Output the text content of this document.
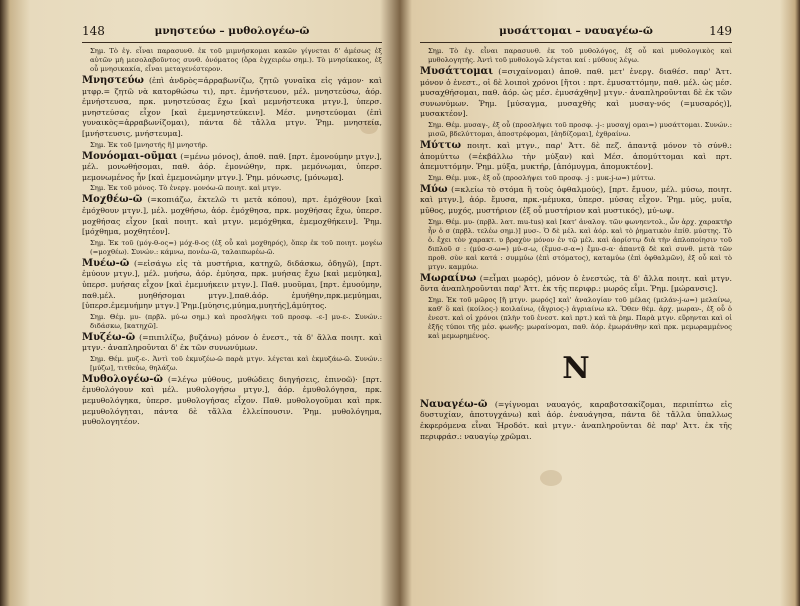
148	μνηστεύω – μυθολογέω-ῶ

Σημ. Τὸ ἐγ. εἶναι παρασυνθ. ἐκ τοῦ μιμνήσκομαι κακῶν γίγνεται δ' ἀμέσως ἐξ αὐτῶν μὴ μεσολαβοῦντος συνθ. ὀνόματος (ὅρα ἐγχειρέω σημ.). Τὸ μνησίκακος, ἐξ οὗ μνησικακία, εἶναι μεταγενέστερον.

Μνηστεύω (ἐπὶ ἀνδρὸς=ἀρραβωνίζω, ζητῶ γυναῖκα εἰς γάμον· καὶ μτφρ.= ζητῶ νὰ κατορθώσω τι), πρτ. ἐμνήστευον, μέλ. μνηστεύσω, ἀόρ. ἐμνήστευσα, πρκ. μνηστεύσας ἔχω [καὶ μεμνήστευκα μτγν.], ὑπερσ. μνηστεύσας εἶχον [καὶ ἐμεμνηστεύκειν]. Μέσ. μνηστεύομαι (ἐπὶ γυναικὸς=ἀρραβωνίζομαι), πάντα δὲ τἄλλα μτγν. Ῥημ. μνηστεία, [μνήστευσις, μνήστευμα].

Σημ. Ἐκ τοῦ [μνηστής ἢ] μνηστήρ.

Μονόομαι-οῦμαι (=μένω μόνος), ἀποθ. παθ. [πρτ. ἐμονούμην μτγν.], μέλ. μονωθήσομαι, παθ. ἀόρ. ἐμονώθην, πρκ. μεμόνωμαι, ὑπερσ. μεμονωμένος ἦν [καὶ ἐμεμονώμην μτγν.]. Ῥημ. μόνωσις, [μόνωμα].

Σημ. Ἐκ τοῦ μόνος. Τὸ ἐνεργ. μονόω-ῶ ποιητ. καὶ μτγν.

Μοχθέω-ῶ (=κοπιάζω, ἐκτελῶ τι μετὰ κόπου), πρτ. ἐμόχθουν [καὶ ἐμόχθουν μτγν.], μέλ. μοχθήσω, ἀόρ. ἐμόχθησα, πρκ. μοχθήσας ἔχω, ὑπερσ. μοχθήσας εἶχον [καὶ ποιητ. καὶ μτγν. μεμόχθηκα, ἐμεμοχθήκειν]. Ῥημ. [μόχθημα, μοχθητέον].

Σημ. Ἐκ τοῦ (μόγ-θ-ος=) μόχ-θ-ος (ἐξ οὗ καὶ μοχθηρός), ὅπερ ἐκ τοῦ ποιητ. μογέω (=μοχθέω). Συνών.: κάμνω, πονέω-ῶ, ταλαιπωρέω-ῶ.

Μυέω-ῶ (=εἰσάγω εἰς τὰ μυστήρια, κατηχῶ, διδάσκω, ὁδηγῶ), [πρτ. ἐμύουν μτγν.], μέλ. μυήσω, ἀόρ. ἐμύησα, πρκ. μυήσας ἔχω [καὶ μεμύηκα], ὑπερσ. μυήσας εἶχον [καὶ ἐμεμυήκειν μτγν.]. Παθ. μυοῦμαι, [πρτ. ἐμυούμην, παθ.μέλ. μυηθήσομαι μτγν.],παθ.ἀόρ. ἐμυήθην,πρκ.μεμύημαι,[ὑπερσ.ἐμεμυήμην μτγν.] Ῥημ.[μύησις,μύημα,μυητής],ἀμύητος.

Σημ. Θέμ. μυ- (πρβλ. μύ-ω σημ.) καὶ προσλήψει τοῦ προσφ. -ε-] μυ-ε-. Συνών.: διδάσκω, [κατηχῶ].

Μυζέω-ῶ (=πιπιλίζω, βυζάνω) μόνον ὁ ἐνεστ., τὰ δ' ἄλλα ποιητ. καὶ μτγν.· ἀναπληροῦνται δ' ἐκ τῶν συνωνύμων.

Σημ. Θέμ. μυζ-ε-. Ἀντὶ τοῦ ἐκμυζέω-ῶ παρὰ μτγν. λέγεται καὶ ἐκμυζάω-ῶ. Συνών.: [μύζω], τιτθεύω, θηλάζω.

Μυθολογέω-ῶ (=λέγω μύθους, μυθώδεις διηγήσεις, ἐπινοῶ)· [πρτ. ἐμυθολόγουν καὶ μέλ. μυθολογήσω μτγν.], ἀόρ. ἐμυθολόγησα, πρκ. μεμυθολόγηκα, ὑπερσ. μυθολογήσας εἶχον. Παθ. μυθολογοῦμαι καὶ πρκ. μεμυθολόγηται, πάντα δὲ τἄλλα ἐλλείπουσιν. Ῥημ. μυθολόγημα, μυθολογητέον.

μυσάττομαι – ναυαγέω-ῶ	149

Σημ. Τὸ ἐγ. εἶναι παρασυνθ. ἐκ τοῦ μυθολόγος, ἐξ οὗ καὶ μυθολογικὸς καὶ μυθολογητής. Ἀντὶ τοῦ μυθολογῶ λέγεται καί : μύθους λέγω.

Μυσάττομαι (=σιχαίνομαι) ἀποθ. παθ. μετ' ἐνεργ. διαθέσ. παρ' Ἀττ. μόνον ὁ ἐνεστ., οἱ δὲ λοιποὶ χρόνοι [ἤτοι : πρτ. ἐμυσαττόμην, παθ. μέλ. ὡς μέσ. μυσαχθήσομαι, παθ. ἀόρ. ὡς μέσ. ἐμυσάχθην] μτγν.· ἀναπληροῦνται δὲ ἐκ τῶν συνωνύμων. Ῥημ. [μύσαγμα, μυσαχθὴς καὶ μυσαγ-νός (=μυσαρός)], μυσακτέον].

Σημ. Θέμ. μυσαγ-, ἐξ οὗ (προσλήψει τοῦ προσφ. -j-: μυσαγj ομαι=) μυσάττομαι. Συνών.: μισῶ, βδελύττομαι, ἀποστρέφομαι, [ἀηδίζομαι], ἐχθραίνω.

Μύττω ποιητ. καὶ μτγν., παρ' Ἀττ. δὲ πεζ. ἀπαντᾷ μόνον τὸ σύνθ.: ἀπομύττω (=ἐκβάλλω τὴν μύξαν) καὶ Μέσ. ἀπομύττομαι καὶ πρτ. ἀπεμυττόμην. Ῥημ. μύξα, μυκτήρ, [ἀπόμυγμα, ἀπομυκτέον].

Σημ. Θέμ. μυκ-, ἐξ οὗ (προσλήψει τοῦ προσφ. -j : μυκ-j-ω=) μύττω.

Μύω (=κλείω τὸ στόμα ἢ τοὺς ὀφθαλμούς), [πρτ. ἔμυον, μέλ. μύσω, ποιητ. καὶ μτγν.], ἀόρ. ἔμυσα, πρκ.-μέμυκα, ὑπερσ. μύσας εἶχον. Ῥημ. μύς, μυῖα, μῦθος, μυχός, μυστήριον (ἐξ οὗ μυστήριον καὶ μυστικός), μύ-ωψ.

Σημ. Θέμ. μυ- (πρβλ. λατ. mu-tus) καὶ [κατ' ἀναλογ. τῶν φωνηεντολ., ὧν ἀρχ. χαρακτὴρ ἦν ὁ σ (πρβλ. τελέω σημ.)] μυσ-. Ὁ δὲ μέλ. καὶ ἀόρ. καὶ τὸ ῥηματικὸν ἐπίθ. μύστης. Τὸ ὁ. ἔχει τὸν χαρακτ. υ βραχὺν μόνον ἐν τῷ μέλ. καὶ ἀορίστῳ διὰ τὴν ἀπλοποίησιν τοῦ διπλοῦ σ : (μύσ-σ-ω=) μύ-σ-ω, (ἔμυσ-σ-α=) ἔμυ-σ-α· ἀπαντᾷ δὲ καὶ συνθ. μετὰ τῶν προθ. σὺν καὶ κατά : συμμύω (ἐπὶ στόματος), καταμύω (ἐπὶ ὀφθαλμῶν), ἐξ οὗ καὶ τὸ μτγν. καμμύω.

Μωραίνω (=εἶμαι μωρός), μόνον ὁ ἐνεστώς, τὰ δ' ἄλλα ποιητ. καὶ μτγν. ὄντα ἀναπληροῦνται παρ' Ἀττ. ἐκ τῆς περιφρ.: μωρός εἶμι. Ῥημ. [μώρανσις].

Σημ. Ἐκ τοῦ μῶρος [ἢ μτγν. μωρός] καὶ' ἀναλογίαν τοῦ μέλας (μελάν-j-ω=) μελαίνω, καθ' ὃ καὶ (κοίλος-) κοιλαίνω, (ἄγριος-) ἀγριαίνω κλ. Ὅθεν θέμ. ἀρχ. μωραν-, ἐξ οὗ ὁ ἐνεστ. καὶ οἱ χρόνοι (πλὴν τοῦ ἐνεστ. καὶ πρτ.) καὶ τὰ ῥημ. Παρὰ μτγν. εὕρηνται καὶ οἱ ἑξῆς τύποι τῆς μέσ. φωνῆς: μωραίνομαι, παθ. ἀόρ. ἐμωράνθην καὶ πρκ. μεμωραμμένος καὶ μεμωρημένος.

Ν

Ναυαγέω-ῶ (=γίγνομαι ναυαγός, καραβοτσακίζομαι, περιπίπτω εἰς δυστυχίαν, ἀποτυγχάνω) καὶ ἀόρ. ἐναυάγησα, πάντα δὲ τἄλλα ὑπαλλως ἐκφερόμενα εἶναι Ἡροδότ. καὶ μτγν.· ἀναπληροῦνται δὲ παρ' Ἀττ. ἐκ τῆς περιφράσ.: ναυαγίῳ χρῶμαι.
